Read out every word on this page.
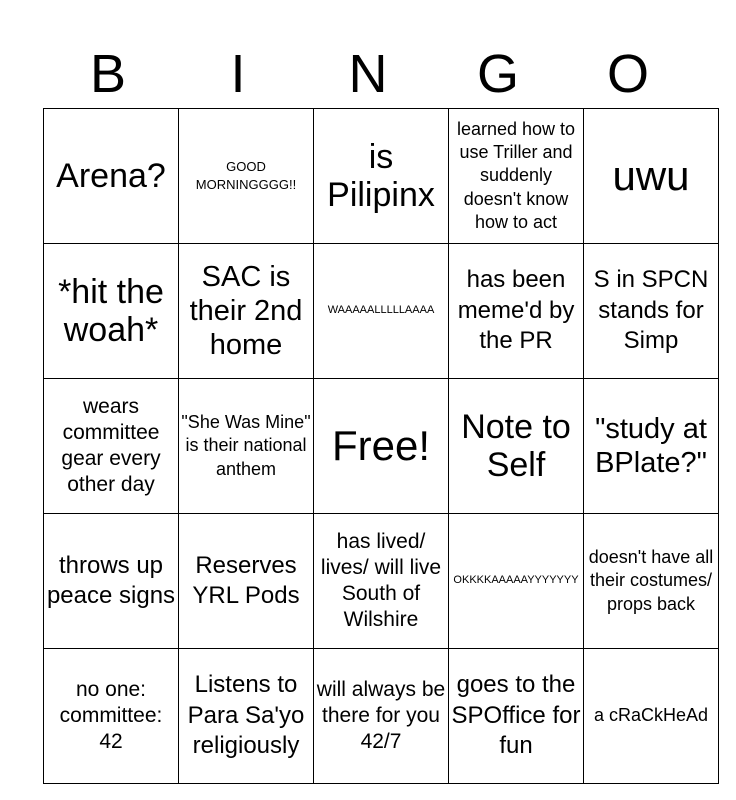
B	I	N	G	O
Arena?	GOOD MORNINGGGG!!	is Pilipinx	learned how to use Triller and suddenly doesn't know how to act	uwu

*hit the woah*	SAC is their 2nd home	WAAAAALLLLLAAAA	has been meme'd by the PR	S in SPCN stands for Simp

wears committee gear every other day	"She Was Mine" is their national anthem	Free!	Note to Self	"study at BPlate?"

throws up peace signs	Reserves YRL Pods	has lived/ lives/ will live South of Wilshire	OKKKKAAAAAYYYYYYY	doesn't have all their costumes/ props back

no one: committee: 42	Listens to Para Sa'yo religiously	will always be there for you 42/7	goes to the SPOffice for fun	a cRaCkHeAd
